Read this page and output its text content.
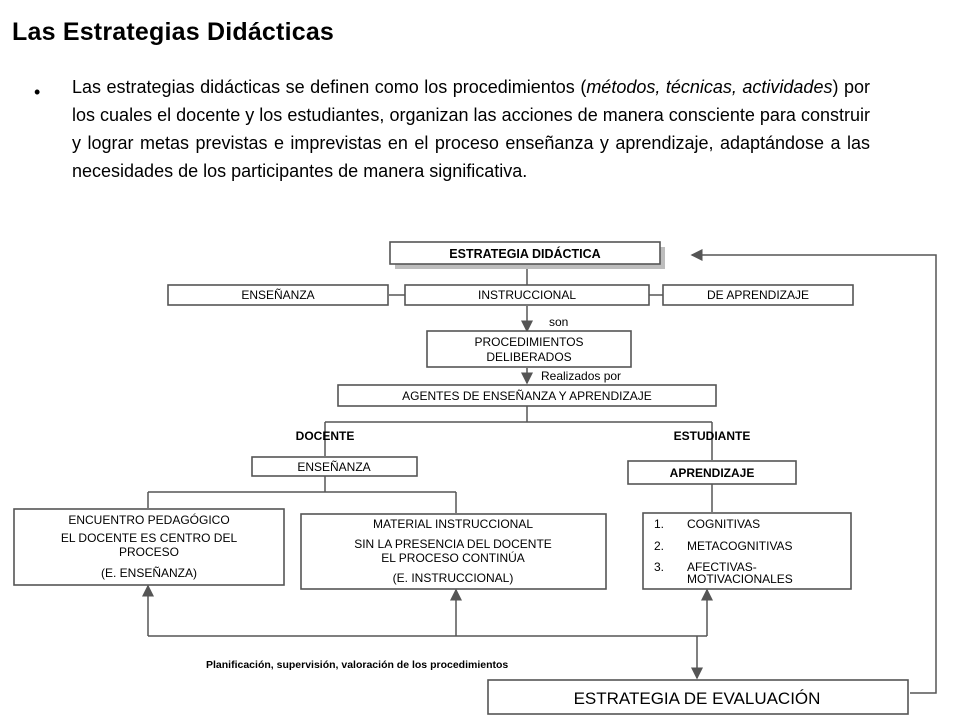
Las Estrategias Didácticas
• Las estrategias didácticas se definen como los procedimientos (métodos, técnicas, actividades) por los cuales el docente y los estudiantes, organizan las acciones de manera consciente para construir y lograr metas previstas e imprevistas en el proceso enseñanza y aprendizaje, adaptándose a las necesidades de los participantes de manera significativa.
ESTRATEGIA DIDÁCTICA
ENSEÑANZA	INSTRUCCIONAL	DE APRENDIZAJE
son
PROCEDIMIENTOS
DELIBERADOS
Realizados por
AGENTES DE ENSEÑANZA Y APRENDIZAJE
DOCENTE	ESTUDIANTE
ENSEÑANZA	APRENDIZAJE
ENCUENTRO PEDAGÓGICO
EL DOCENTE ES CENTRO DEL
PROCESO
(E. ENSEÑANZA)
MATERIAL INSTRUCCIONAL
SIN LA PRESENCIA DEL DOCENTE
EL PROCESO CONTINÚA
(E. INSTRUCCIONAL)
1. COGNITIVAS
2. METACOGNITIVAS
3. AFECTIVAS-
MOTIVACIONALES
Planificación, supervisión, valoración de los procedimientos
ESTRATEGIA DE EVALUACIÓN
